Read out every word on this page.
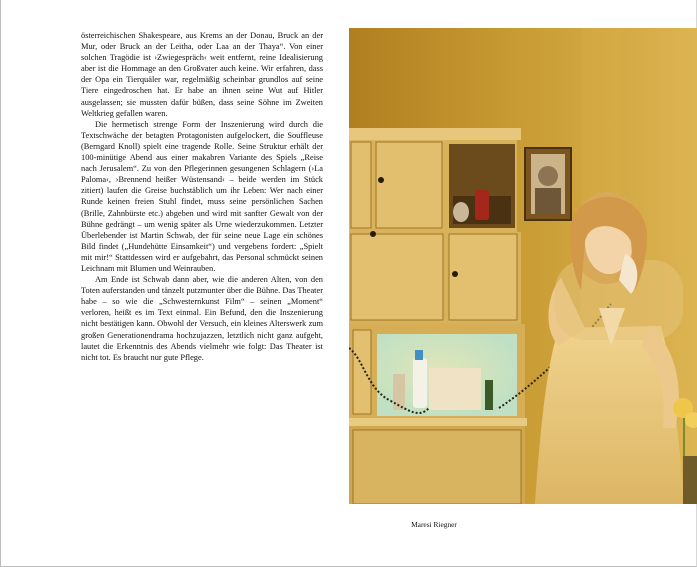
österreichischen Shakespeare, aus Krems an der Donau, Bruck an der Mur, oder Bruck an der Leitha, oder Laa an der Thaya“. Von einer solchen Tragödie ist ›Zwiegespräch‹ weit entfernt, reine Idealisierung aber ist die Hommage an den Großvater auch keine. Wir erfahren, dass der Opa ein Tierquäler war, regelmäßig scheinbar grundlos auf seine Tiere eingedroschen hat. Er habe an ihnen seine Wut auf Hitler ausgelassen; sie mussten dafür büßen, dass seine Söhne im Zweiten Weltkrieg gefallen waren.

Die hermetisch strenge Form der Inszenierung wird durch die Textschwäche der betagten Protagonisten aufgelockert, die Souffleuse (Berngard Knoll) spielt eine tragende Rolle. Seine Struktur erhält der 100-minütige Abend aus einer makabren Variante des Spiels „Reise nach Jerusalem“. Zu von den Pflegerinnen gesungenen Schlagern (›La Paloma‹, ›Brennend heißer Wüstensand‹ – beide werden im Stück zitiert) laufen die Greise buchstäblich um ihr Leben: Wer nach einer Runde keinen freien Stuhl findet, muss seine persönlichen Sachen (Brille, Zahnbürste etc.) abgeben und wird mit sanfter Gewalt von der Bühne gedrängt – um wenig später als Urne wiederzukommen. Letzter Überlebender ist Martin Schwab, der für seine neue Lage ein schönes Bild findet („Hundehütte Einsamkeit“) und vergebens fordert: „Spielt mit mir!“ Stattdessen wird er aufgebahrt, das Personal schmückt seinen Leichnam mit Blumen und Weinrauben.

Am Ende ist Schwab dann aber, wie die anderen Alten, von den Toten auferstanden und tänzelt putzmunter über die Bühne. Das Theater habe – so wie die „Schwesternkunst Film“ – seinen „Moment“ verloren, heißt es im Text einmal. Ein Befund, den die Inszenierung nicht bestätigen kann. Obwohl der Versuch, ein kleines Alterswerk zum großen Generationendrama hochzujazzen, letztlich nicht ganz aufgeht, lautet die Erkenntnis des Abends vielmehr wie folgt: Das Theater ist nicht tot. Es braucht nur gute Pflege.

Maresi Riegner
